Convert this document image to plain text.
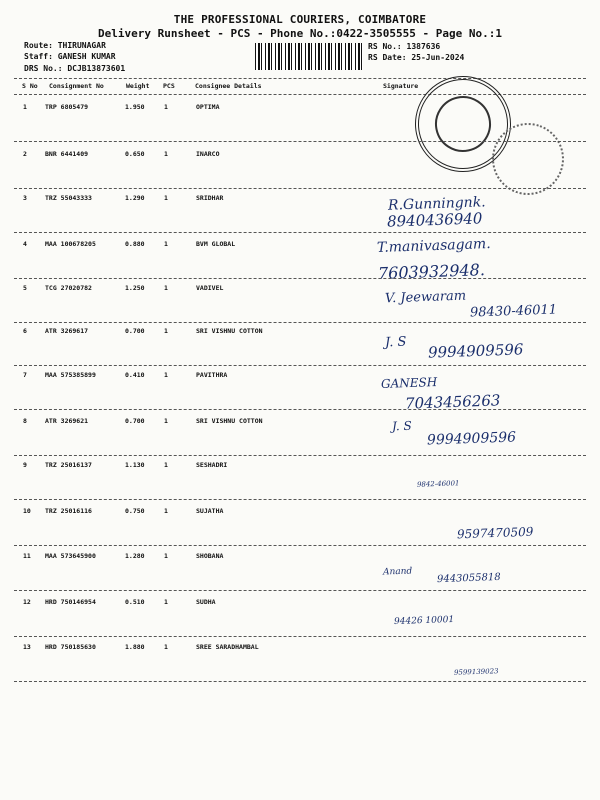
THE PROFESSIONAL COURIERS, COIMBATORE
Delivery Runsheet - PCS - Phone No.:0422-3505555 - Page No.:1
Route: THIRUNAGAR
Staff: GANESH KUMAR
DRS No.: DCJB13873601
RS No.: 1387636
RS Date: 25-Jun-2024
S No Consignment No	Weight PCS	Consignee Details	Signature
1	TRP 6805479	1.950	1	OPTIMA
2	BNR 6441409	0.650	1	INARCO
3	TRZ 55043333	1.290	1	SRIDHAR	R.Gunningnk.
8940436940
4	MAA 100678205	0.880	1	BVM GLOBAL	T.manivasagam.
7603932948.
5	TCG 27020782	1.250	1	VADIVEL
V. Jeewaram
98430-46011
6	ATR 3269617	0.700	1	SRI VISHNU COTTON
J. S 9994909596
7	MAA 575385899	0.410	1	PAVITHRA
GANESH
7043456263
8	ATR 3269621	0.700	1	SRI VISHNU COTTON	J. S
9994909596
9	TRZ 25016137	1.130	1	SESHADRI
9842-46001
10 TRZ 25016116	0.750	1	SUJATHA
9597470509
11 MAA 573645900	1.280	1	SHOBANA
Anand 9443055818
12 HRD 750146954	0.510	1	SUDHA
94426 10001
13 HRD 750185630	1.880	1	SREE SARADHAMBAL
9599139023
